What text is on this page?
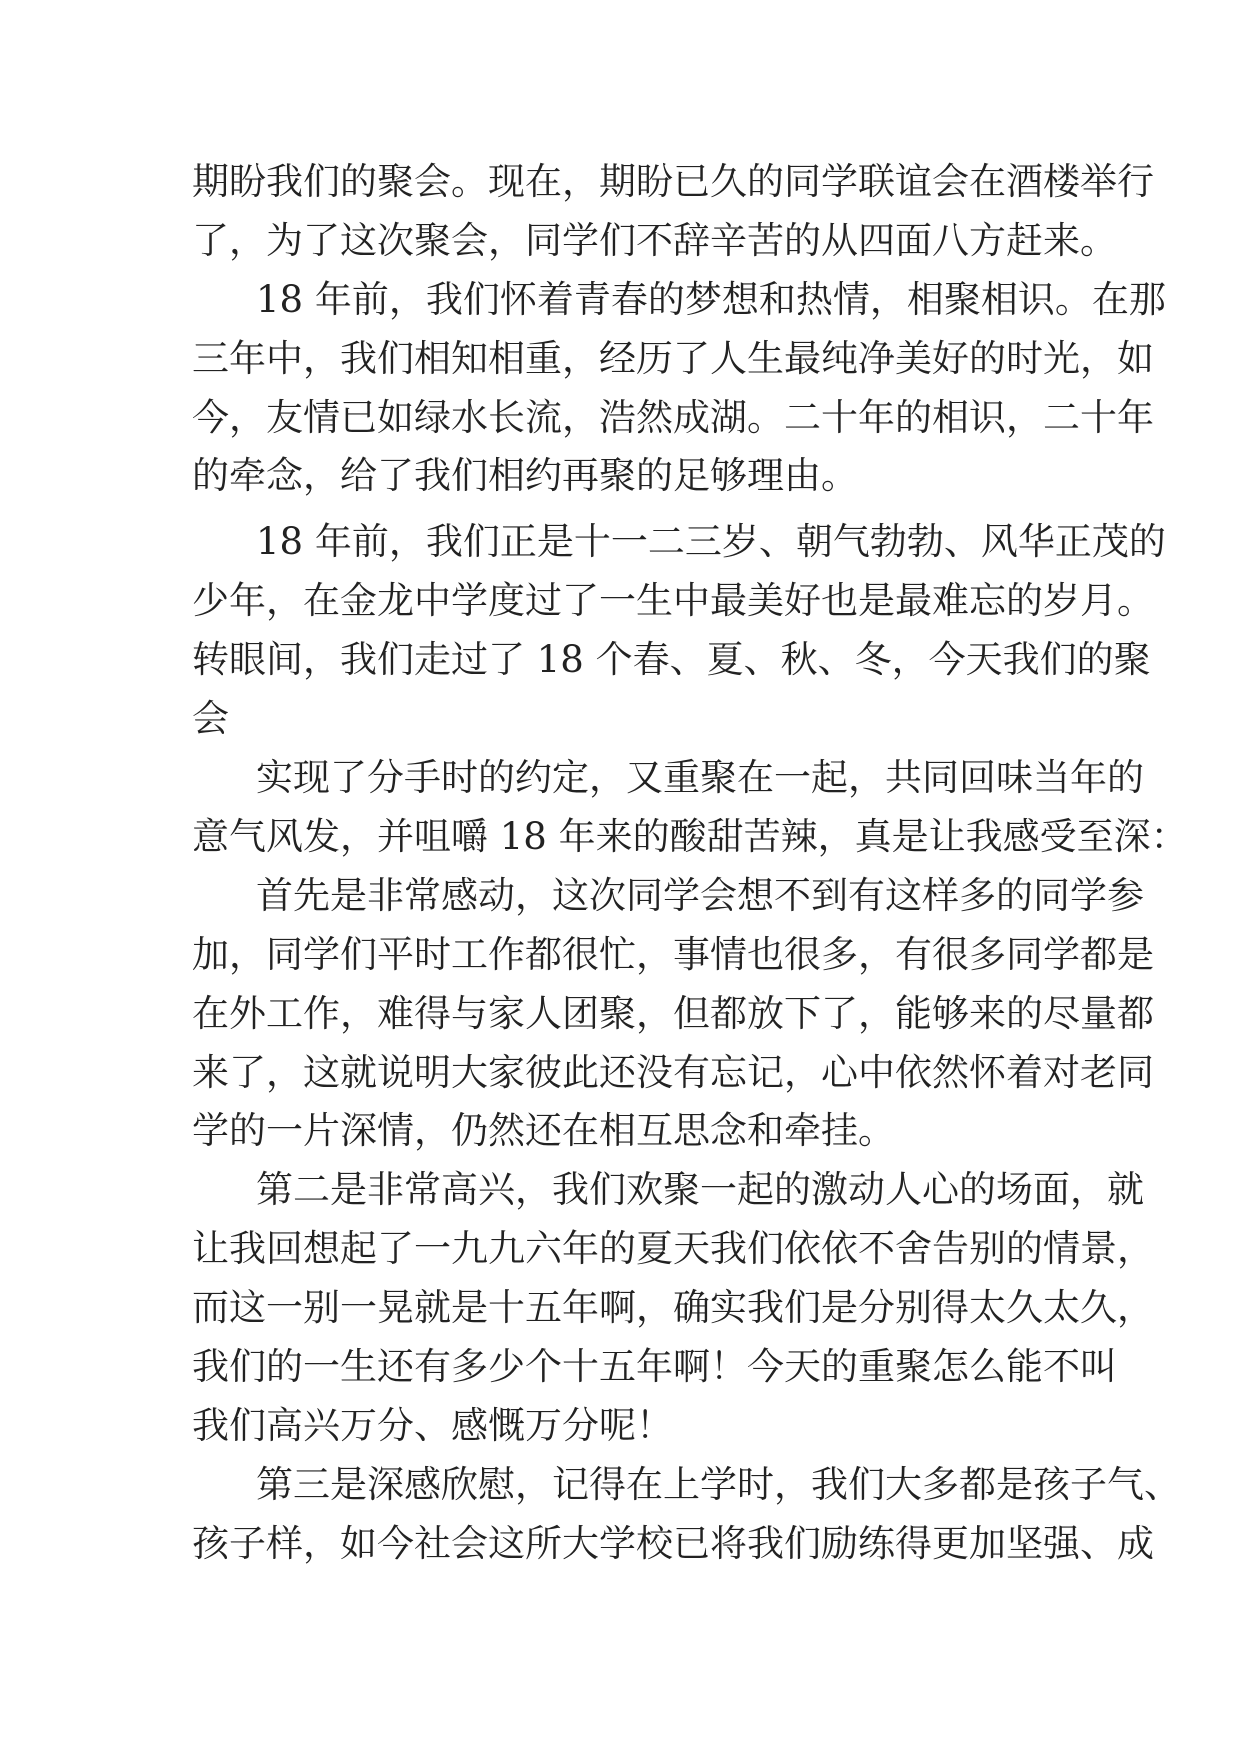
期盼我们的聚会。现在，期盼已久的同学联谊会在酒楼举行
了，为了这次聚会，同学们不辞辛苦的从四面八方赶来。
18 年前，我们怀着青春的梦想和热情，相聚相识。在那
三年中，我们相知相重，经历了人生最纯净美好的时光，如
今，友情已如绿水长流，浩然成湖。二十年的相识，二十年
的牵念，给了我们相约再聚的足够理由。
18 年前，我们正是十一二三岁、朝气勃勃、风华正茂的
少年，在金龙中学度过了一生中最美好也是最难忘的岁月。
转眼间，我们走过了 18 个春、夏、秋、冬，今天我们的聚
会
实现了分手时的约定，又重聚在一起，共同回味当年的
意气风发，并咀嚼 18 年来的酸甜苦辣，真是让我感受至深：
首先是非常感动，这次同学会想不到有这样多的同学参
加，同学们平时工作都很忙，事情也很多，有很多同学都是
在外工作，难得与家人团聚，但都放下了，能够来的尽量都
来了，这就说明大家彼此还没有忘记，心中依然怀着对老同
学的一片深情，仍然还在相互思念和牵挂。
第二是非常高兴，我们欢聚一起的激动人心的场面，就
让我回想起了一九九六年的夏天我们依依不舍告别的情景，
而这一别一晃就是十五年啊，确实我们是分别得太久太久，
我们的一生还有多少个十五年啊！今天的重聚怎么能不叫
我们高兴万分、感慨万分呢！
第三是深感欣慰，记得在上学时，我们大多都是孩子气、
孩子样，如今社会这所大学校已将我们励练得更加坚强、成
